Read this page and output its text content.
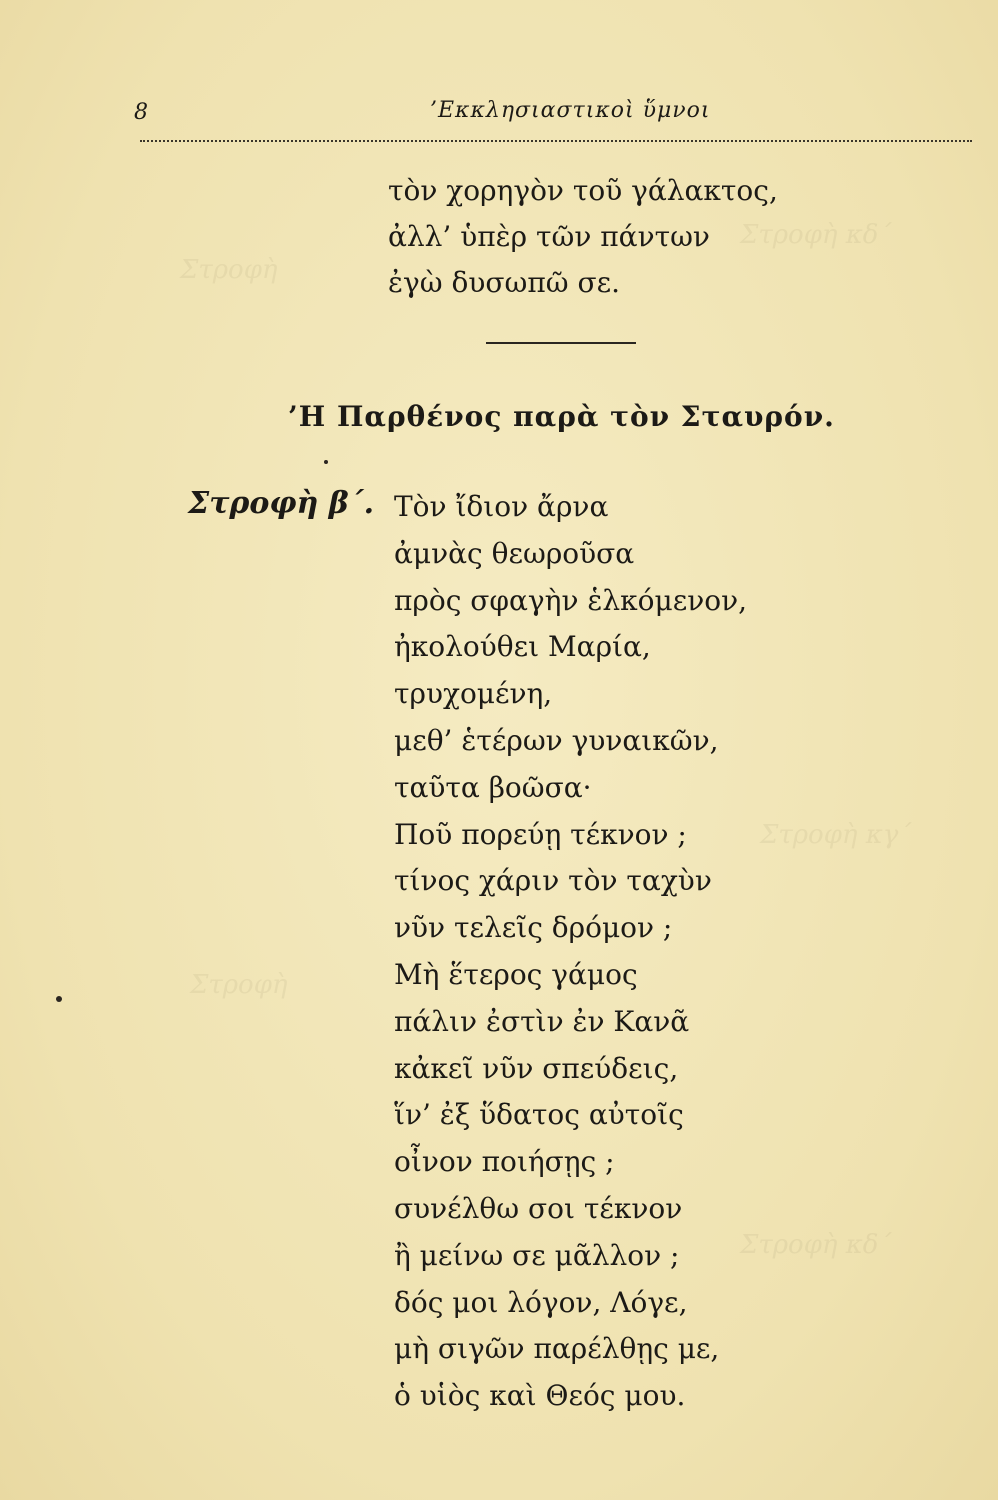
Στροφὴ κδ΄
Στροφὴ
Στροφὴ κγ΄
Στροφὴ
Στροφὴ κδ΄
8	’Εκκλησιαστικοὶ ὕμνοι
τὸν χορηγὸν τοῦ γάλακτος,
ἀλλ’ ὑπὲρ τῶν πάντων
ἐγὼ δυσωπῶ σε.
’Η Παρθένος παρὰ τὸν Σταυρόν.
Στροφὴ β΄. Τὸν ἴδιον ἄρνα
ἀμνὰς θεωροῦσα
πρὸς σφαγὴν ἑλκόμενον,
ἠκολούθει Μαρία,
τρυχομένη,
μεθ’ ἑτέρων γυναικῶν,
ταῦτα βοῶσα·
Ποῦ πορεύῃ τέκνον ;
τίνος χάριν τὸν ταχὺν
νῦν τελεῖς δρόμον ;
Μὴ ἕτερος γάμος
πάλιν ἐστὶν ἐν Κανᾶ
κἀκεῖ νῦν σπεύδεις,
ἵν’ ἐξ ὕδατος αὐτοῖς
οἶνον ποιήσῃς ;
συνέλθω σοι τέκνον
ἢ μείνω σε μᾶλλον ;
δός μοι λόγον, Λόγε,
μὴ σιγῶν παρέλθῃς με,
ὁ υἱὸς καὶ Θεός μου.
